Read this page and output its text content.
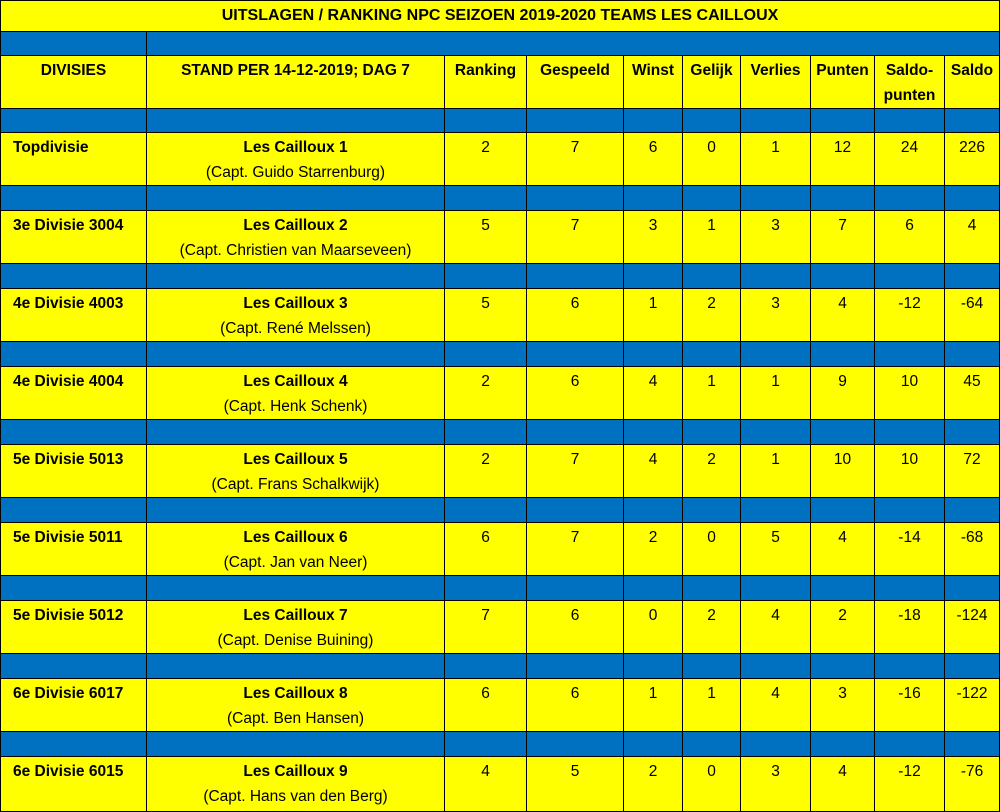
UITSLAGEN / RANKING NPC SEIZOEN 2019-2020 TEAMS LES CAILLOUX									

DIVISIES	STAND PER 14-12-2019; DAG 7	Ranking	Gespeeld	Winst	Gelijk	Verlies	Punten	Saldo-punten	Saldo

Topdivisie	Les Cailloux 1
(Capt. Guido Starrenburg)	2	7	6	0	1	12	24	226

3e Divisie 3004	Les Cailloux 2
(Capt. Christien van Maarseveen)	5	7	3	1	3	7	6	4

4e Divisie 4003	Les Cailloux 3
(Capt. René Melssen)	5	6	1	2	3	4	-12	-64

4e Divisie 4004	Les Cailloux 4
(Capt. Henk Schenk)	2	6	4	1	1	9	10	45

5e Divisie 5013	Les Cailloux 5
(Capt. Frans Schalkwijk)	2	7	4	2	1	10	10	72

5e Divisie 5011	Les Cailloux 6
(Capt. Jan van Neer)	6	7	2	0	5	4	-14	-68

5e Divisie 5012	Les Cailloux 7
(Capt. Denise Buining)	7	6	0	2	4	2	-18	-124

6e Divisie 6017	Les Cailloux 8
(Capt. Ben Hansen)	6	6	1	1	4	3	-16	-122

6e Divisie 6015	Les Cailloux 9
(Capt. Hans van den Berg)	4	5	2	0	3	4	-12	-76
